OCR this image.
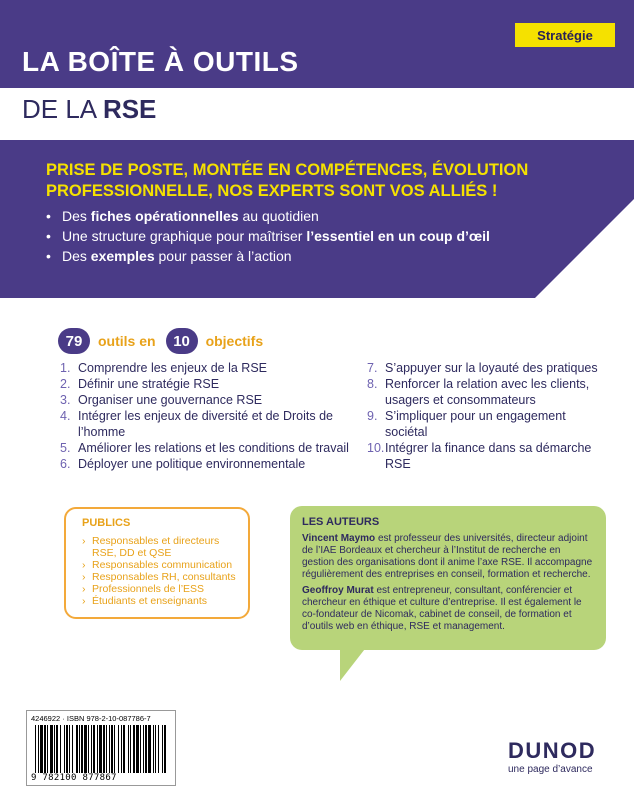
Stratégie
LA BOÎTE À OUTILS
DE LA RSE
PRISE DE POSTE, MONTÉE EN COMPÉTENCES, ÉVOLUTION PROFESSIONNELLE, NOS EXPERTS SONT VOS ALLIÉS !
• Des fiches opérationnelles au quotidien
• Une structure graphique pour maîtriser l’essentiel en un coup d’œil
• Des exemples pour passer à l’action
79	outils en	10	objectifs
1. Comprendre les enjeux de la RSE
2. Définir une stratégie RSE
3. Organiser une gouvernance RSE
4. Intégrer les enjeux de diversité et de Droits de l’homme
5. Améliorer les relations et les conditions de travail
6. Déployer une politique environnementale
7. S’appuyer sur la loyauté des pratiques
8. Renforcer la relation avec les clients, usagers et consommateurs
9. S’impliquer pour un engagement sociétal
10. Intégrer la finance dans sa démarche RSE
PUBLICS
› Responsables et directeurs RSE, DD et QSE
› Responsables communication
› Responsables RH, consultants
› Professionnels de l’ESS
› Étudiants et enseignants
LES AUTEURS

Vincent Maymo est professeur des universités, directeur adjoint de l’IAE Bordeaux et chercheur à l’Institut de recherche en gestion des organisations dont il anime l’axe RSE. Il accompagne régulièrement des entreprises en conseil, formation et recherche.

Geoffroy Murat est entrepreneur, consultant, conférencier et chercheur en éthique et culture d’entreprise. Il est également le co-fondateur de Nicomak, cabinet de conseil, de formation et d’outils web en éthique, RSE et management.

4246922 · ISBN 978-2-10-087786-7
9 782100 877867
DUNOD
une page d’avance
